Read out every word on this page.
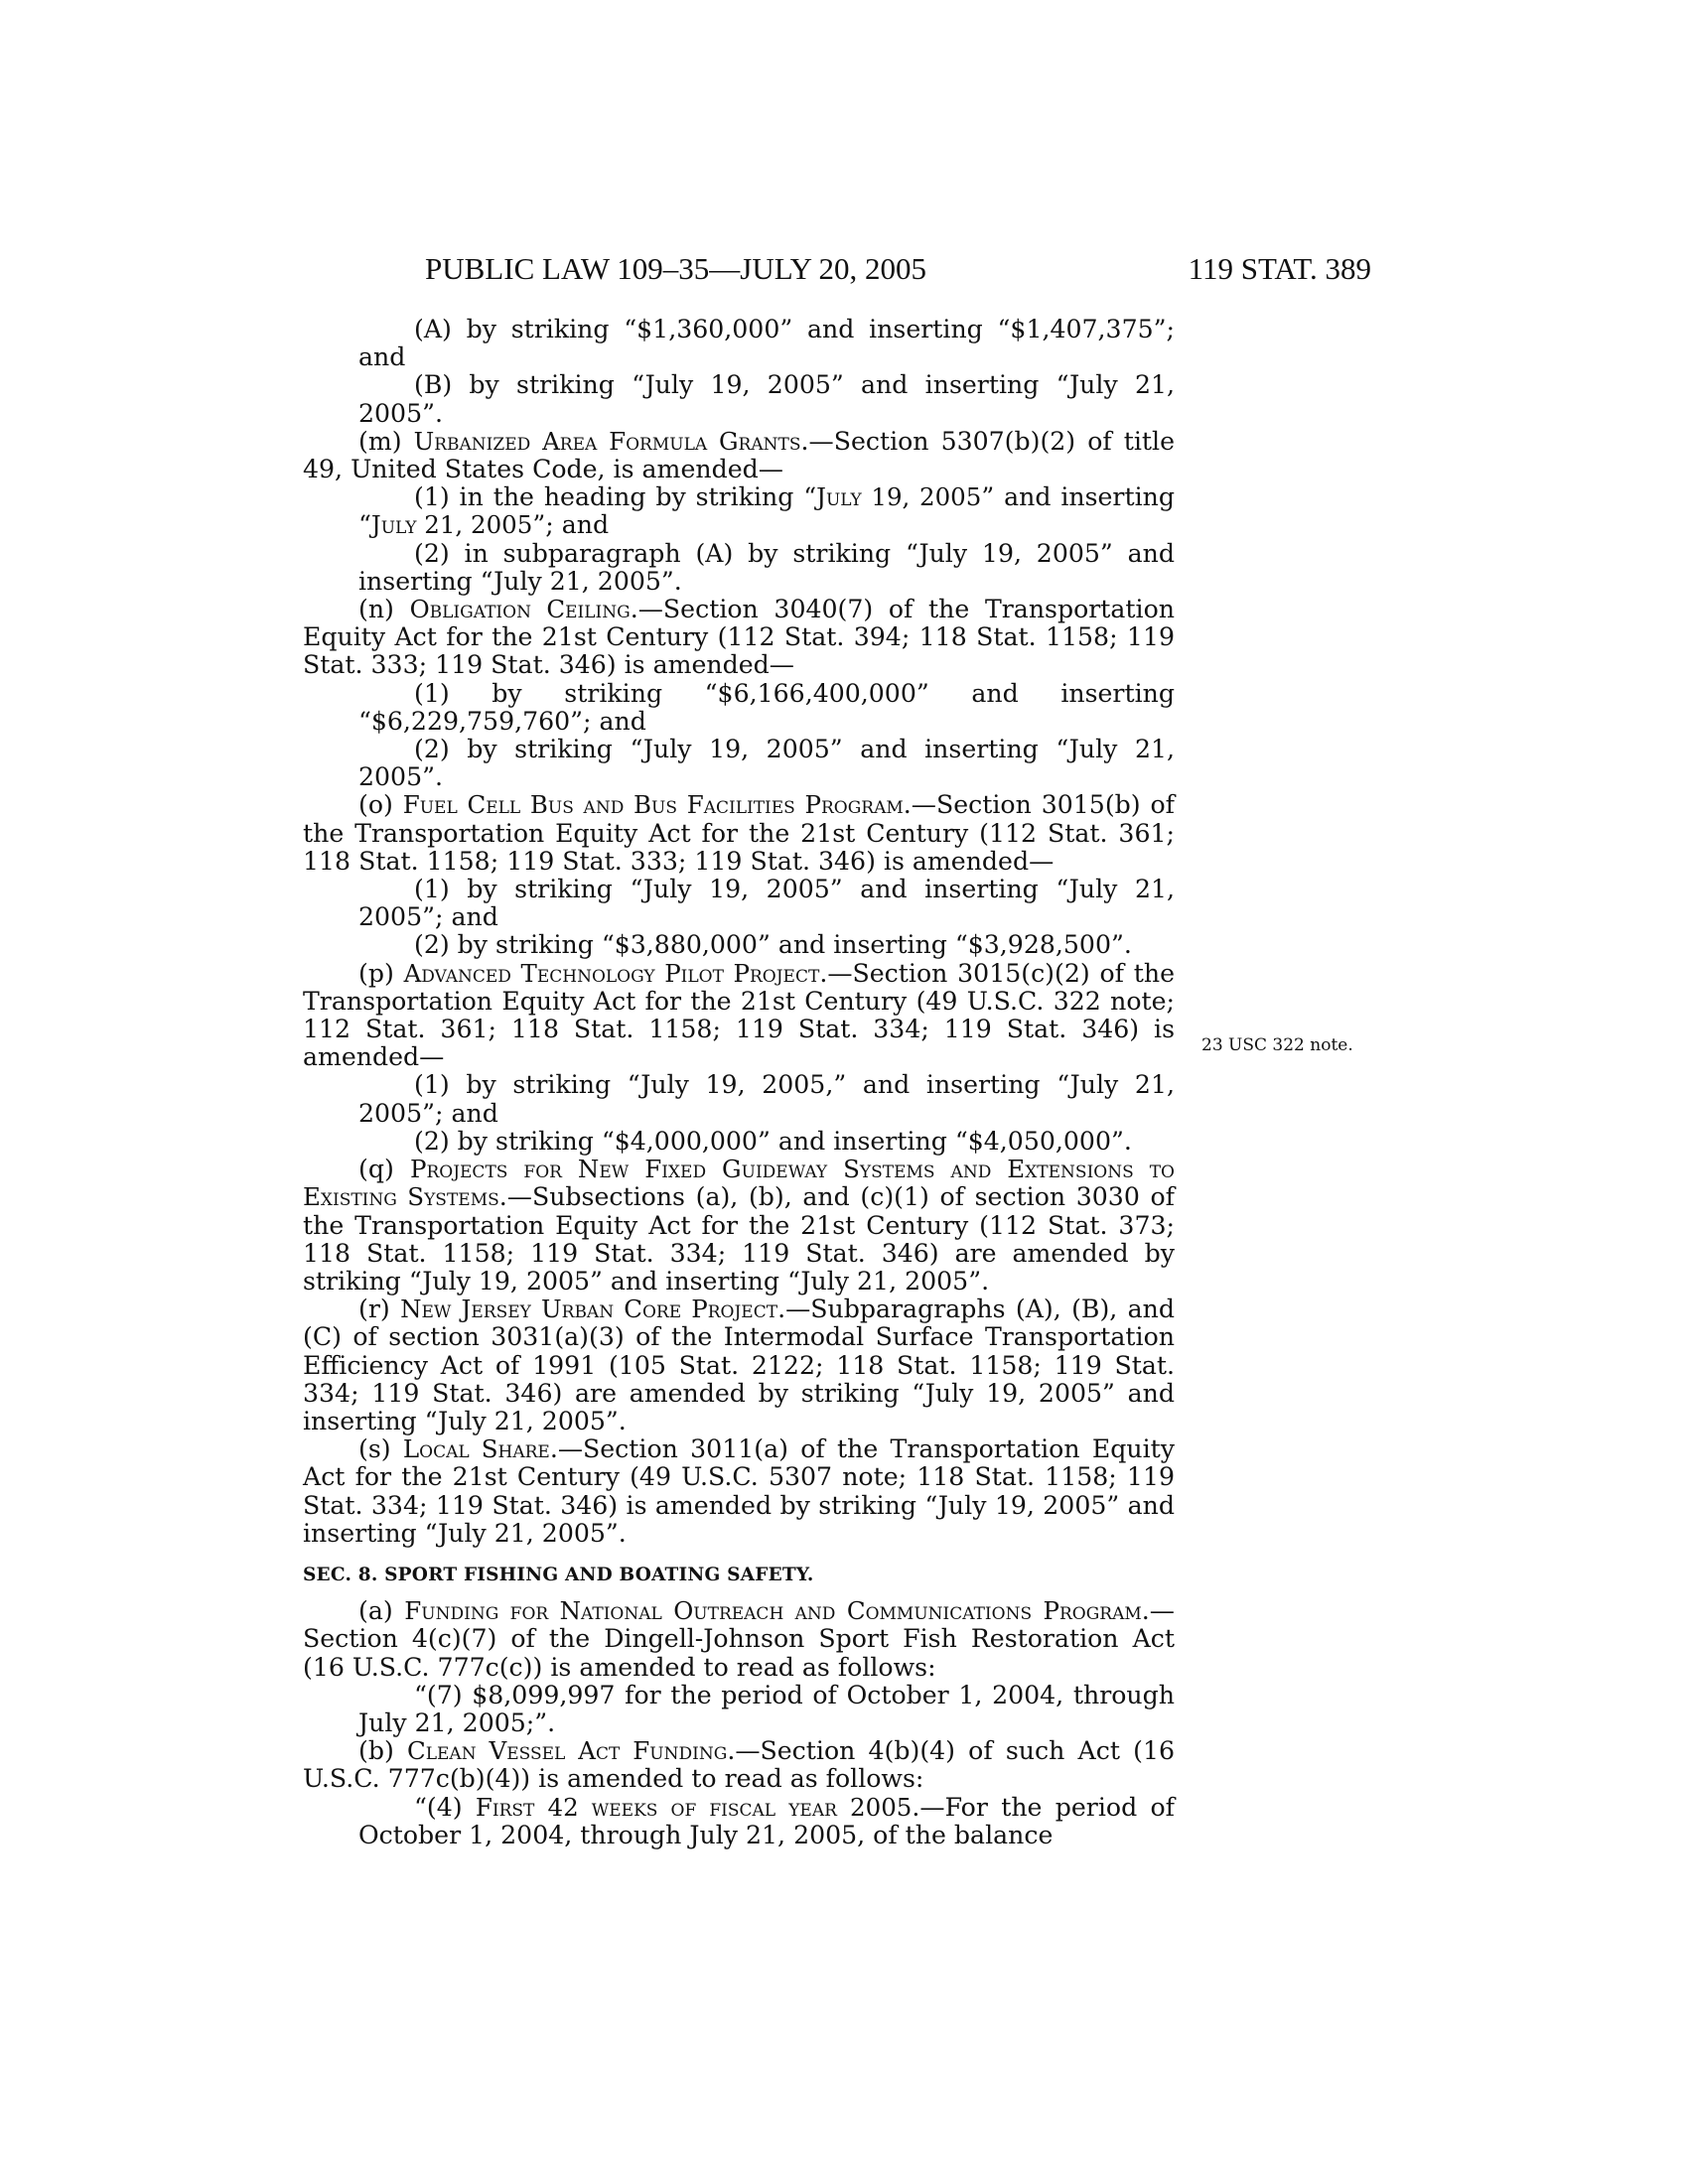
PUBLIC LAW 109–35—JULY 20, 2005	119 STAT. 389
23 USC 322 note.

(A) by striking “$1,360,000” and inserting “$1,407,375”; and

(B) by striking “July 19, 2005” and inserting “July 21, 2005”.

(m) Urbanized Area Formula Grants.—Section 5307(b)(2) of title 49, United States Code, is amended—

(1) in the heading by striking “July 19, 2005” and inserting “July 21, 2005”; and

(2) in subparagraph (A) by striking “July 19, 2005” and inserting “July 21, 2005”.

(n) Obligation Ceiling.—Section 3040(7) of the Transportation Equity Act for the 21st Century (112 Stat. 394; 118 Stat. 1158; 119 Stat. 333; 119 Stat. 346) is amended—

(1) by striking “$6,166,400,000” and inserting “$6,229,759,760”; and

(2) by striking “July 19, 2005” and inserting “July 21, 2005”.

(o) Fuel Cell Bus and Bus Facilities Program.—Section 3015(b) of the Transportation Equity Act for the 21st Century (112 Stat. 361; 118 Stat. 1158; 119 Stat. 333; 119 Stat. 346) is amended—

(1) by striking “July 19, 2005” and inserting “July 21, 2005”; and

(2) by striking “$3,880,000” and inserting “$3,928,500”.

(p) Advanced Technology Pilot Project.—Section 3015(c)(2) of the Transportation Equity Act for the 21st Century (49 U.S.C. 322 note; 112 Stat. 361; 118 Stat. 1158; 119 Stat. 334; 119 Stat. 346) is amended—

(1) by striking “July 19, 2005,” and inserting “July 21, 2005”; and

(2) by striking “$4,000,000” and inserting “$4,050,000”.

(q) Projects for New Fixed Guideway Systems and Extensions to Existing Systems.—Subsections (a), (b), and (c)(1) of section 3030 of the Transportation Equity Act for the 21st Century (112 Stat. 373; 118 Stat. 1158; 119 Stat. 334; 119 Stat. 346) are amended by striking “July 19, 2005” and inserting “July 21, 2005”.

(r) New Jersey Urban Core Project.—Subparagraphs (A), (B), and (C) of section 3031(a)(3) of the Intermodal Surface Transportation Efficiency Act of 1991 (105 Stat. 2122; 118 Stat. 1158; 119 Stat. 334; 119 Stat. 346) are amended by striking “July 19, 2005” and inserting “July 21, 2005”.

(s) Local Share.—Section 3011(a) of the Transportation Equity Act for the 21st Century (49 U.S.C. 5307 note; 118 Stat. 1158; 119 Stat. 334; 119 Stat. 346) is amended by striking “July 19, 2005” and inserting “July 21, 2005”.

SEC. 8. SPORT FISHING AND BOATING SAFETY.

(a) Funding for National Outreach and Communications Program.—Section 4(c)(7) of the Dingell-Johnson Sport Fish Restoration Act (16 U.S.C. 777c(c)) is amended to read as follows:

“(7) $8,099,997 for the period of October 1, 2004, through July 21, 2005;”.

(b) Clean Vessel Act Funding.—Section 4(b)(4) of such Act (16 U.S.C. 777c(b)(4)) is amended to read as follows:

“(4) First 42 weeks of fiscal year 2005.—For the period of October 1, 2004, through July 21, 2005, of the balance
